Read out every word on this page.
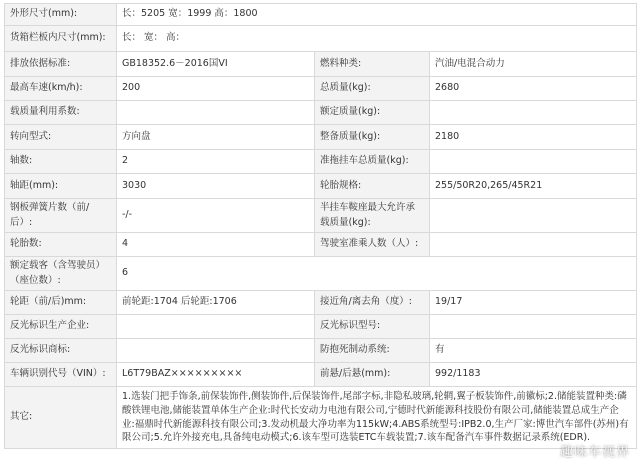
外形尺寸(mm):	长：5205 宽：1999 高：1800		
货箱栏板内尺寸(mm):	长： 宽： 高：		
排放依据标准:	GB18352.6－2016国VI	燃料种类:	汽油/电混合动力
最高车速(km/h):	200	总质量(kg):	2680
载质量利用系数:		额定质量(kg):	
转向型式:	方向盘	整备质量(kg):	2180
轴数:	2	准拖挂车总质量(kg):	
轴距(mm):	3030	轮胎规格:	255/50R20,265/45R21
钢板弹簧片数（前/后）:	-/-	半挂车鞍座最大允许承载质量(kg):	
轮胎数:	4	驾驶室准乘人数（人）:	
额定载客（含驾驶员）（座位数）:	6		
轮距（前/后)mm:	前轮距:1704 后轮距:1706	接近角/离去角（度）:	19/17
反光标识生产企业:		反光标识型号:	
反光标识商标:		防抱死制动系统:	有
车辆识别代号（VIN）:	L6T79BAZ×××××××××	前悬/后悬(mm):	992/1183
其它:	1.选装门把手饰条,前保装饰件,侧装饰件,后保装饰件,尾部字标,非隐私玻璃,轮辋,翼子板装饰件,前徽标;2.储能装置种类:磷酸铁锂电池,储能装置单体生产企业:时代长安动力电池有限公司,宁德时代新能源科技股份有限公司,储能装置总成生产企业:福鼎时代新能源科技有限公司;3.发动机最大净功率为115kW;4.ABS系统型号:IPB2.0,生产厂家:博世汽车部件(苏州)有限公司;5.允许外接充电,具备纯电动模式;6.该车型可选装ETC车载装置;7.该车配备汽车事件数据记录系统(EDR).		
趣味车视界
